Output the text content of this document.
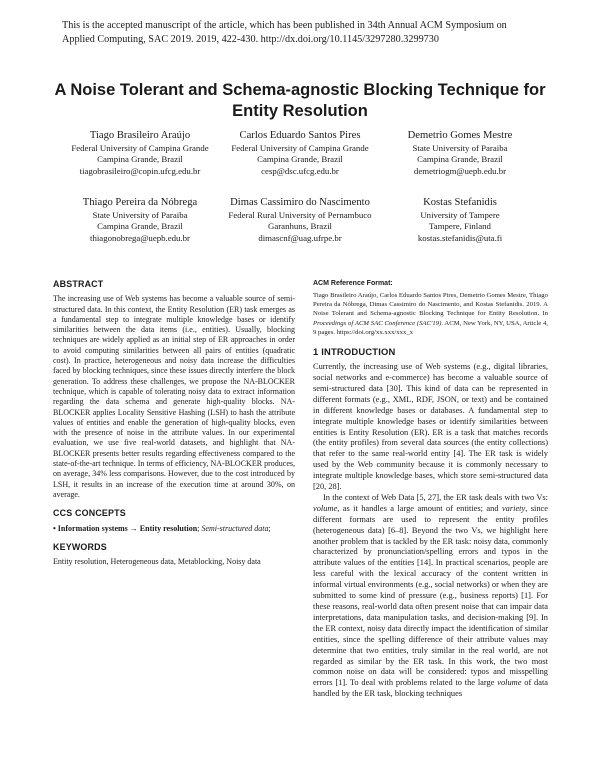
This is the accepted manuscript of the article, which has been published in 34th Annual ACM Symposium on Applied Computing, SAC 2019. 2019, 422-430. http://dx.doi.org/10.1145/3297280.3299730
A Noise Tolerant and Schema-agnostic Blocking Technique for Entity Resolution
Tiago Brasileiro Araújo
Federal University of Campina Grande
Campina Grande, Brazil
tiagobrasileiro@copin.ufcg.edu.br
Carlos Eduardo Santos Pires
Federal University of Campina Grande
Campina Grande, Brazil
cesp@dsc.ufcg.edu.br
Demetrio Gomes Mestre
State University of Paraiba
Campina Grande, Brazil
demetriogm@uepb.edu.br
Thiago Pereira da Nóbrega
State University of Paraiba
Campina Grande, Brazil
thiagonobrega@uepb.edu.br
Dimas Cassimiro do Nascimento
Federal Rural University of Pernambuco
Garanhuns, Brazil
dimascnf@uag.ufrpe.br
Kostas Stefanidis
University of Tampere
Tampere, Finland
kostas.stefanidis@uta.fi
ABSTRACT

The increasing use of Web systems has become a valuable source of semi-structured data. In this context, the Entity Resolution (ER) task emerges as a fundamental step to integrate multiple knowledge bases or identify similarities between the data items (i.e., entities). Usually, blocking techniques are widely applied as an initial step of ER approaches in order to avoid computing similarities between all pairs of entities (quadratic cost). In practice, heterogeneous and noisy data increase the difficulties faced by blocking techniques, since these issues directly interfere the block generation. To address these challenges, we propose the NA-BLOCKER technique, which is capable of tolerating noisy data to extract information regarding the data schema and generate high-quality blocks. NA-BLOCKER applies Locality Sensitive Hashing (LSH) to hash the attribute values of entities and enable the generation of high-quality blocks, even with the presence of noise in the attribute values. In our experimental evaluation, we use five real-world datasets, and highlight that NA-BLOCKER presents better results regarding effectiveness compared to the state-of-the-art technique. In terms of efficiency, NA-BLOCKER produces, on average, 34% less comparisons. However, due to the cost introduced by LSH, it results in an increase of the execution time at around 30%, on average.

CCS CONCEPTS

• Information systems → Entity resolution; Semi-structured data;

KEYWORDS

Entity resolution, Heterogeneous data, Metablocking, Noisy data

ACM Reference Format:

Tiago Brasileiro Araújo, Carlos Eduardo Santos Pires, Demetrio Gomes Mestre, Thiago Pereira da Nóbrega, Dimas Cassimiro do Nascimento, and Kostas Stefanidis. 2019. A Noise Tolerant and Schema-agnostic Blocking Technique for Entity Resolution. In Proceedings of ACM SAC Conference (SAC'19). ACM, New York, NY, USA, Article 4, 9 pages. https://doi.org/xx.xxx/xxx_x

1 INTRODUCTION

Currently, the increasing use of Web systems (e.g., digital libraries, social networks and e-commerce) has become a valuable source of semi-structured data [30]. This kind of data can be represented in different formats (e.g., XML, RDF, JSON, or text) and be contained in different knowledge bases or databases. A fundamental step to integrate multiple knowledge bases or identify similarities between entities is Entity Resolution (ER). ER is a task that matches records (the entity profiles) from several data sources (the entity collections) that refer to the same real-world entity [4]. The ER task is widely used by the Web community because it is commonly necessary to integrate multiple knowledge bases, which store semi-structured data [20, 28].

In the context of Web Data [5, 27], the ER task deals with two Vs: volume, as it handles a large amount of entities; and variety, since different formats are used to represent the entity profiles (heterogeneous data) [6–8]. Beyond the two Vs, we highlight here another problem that is tackled by the ER task: noisy data, commonly characterized by pronunciation/spelling errors and typos in the attribute values of the entities [14]. In practical scenarios, people are less careful with the lexical accuracy of the content written in informal virtual environments (e.g., social networks) or when they are submitted to some kind of pressure (e.g., business reports) [1]. For these reasons, real-world data often present noise that can impair data interpretations, data manipulation tasks, and decision-making [9]. In the ER context, noisy data directly impact the identification of similar entities, since the spelling difference of their attribute values may determine that two entities, truly similar in the real world, are not regarded as similar by the ER task. In this work, the two most common noise on data will be considered: typos and misspelling errors [1]. To deal with problems related to the large volume of data handled by the ER task, blocking techniques
